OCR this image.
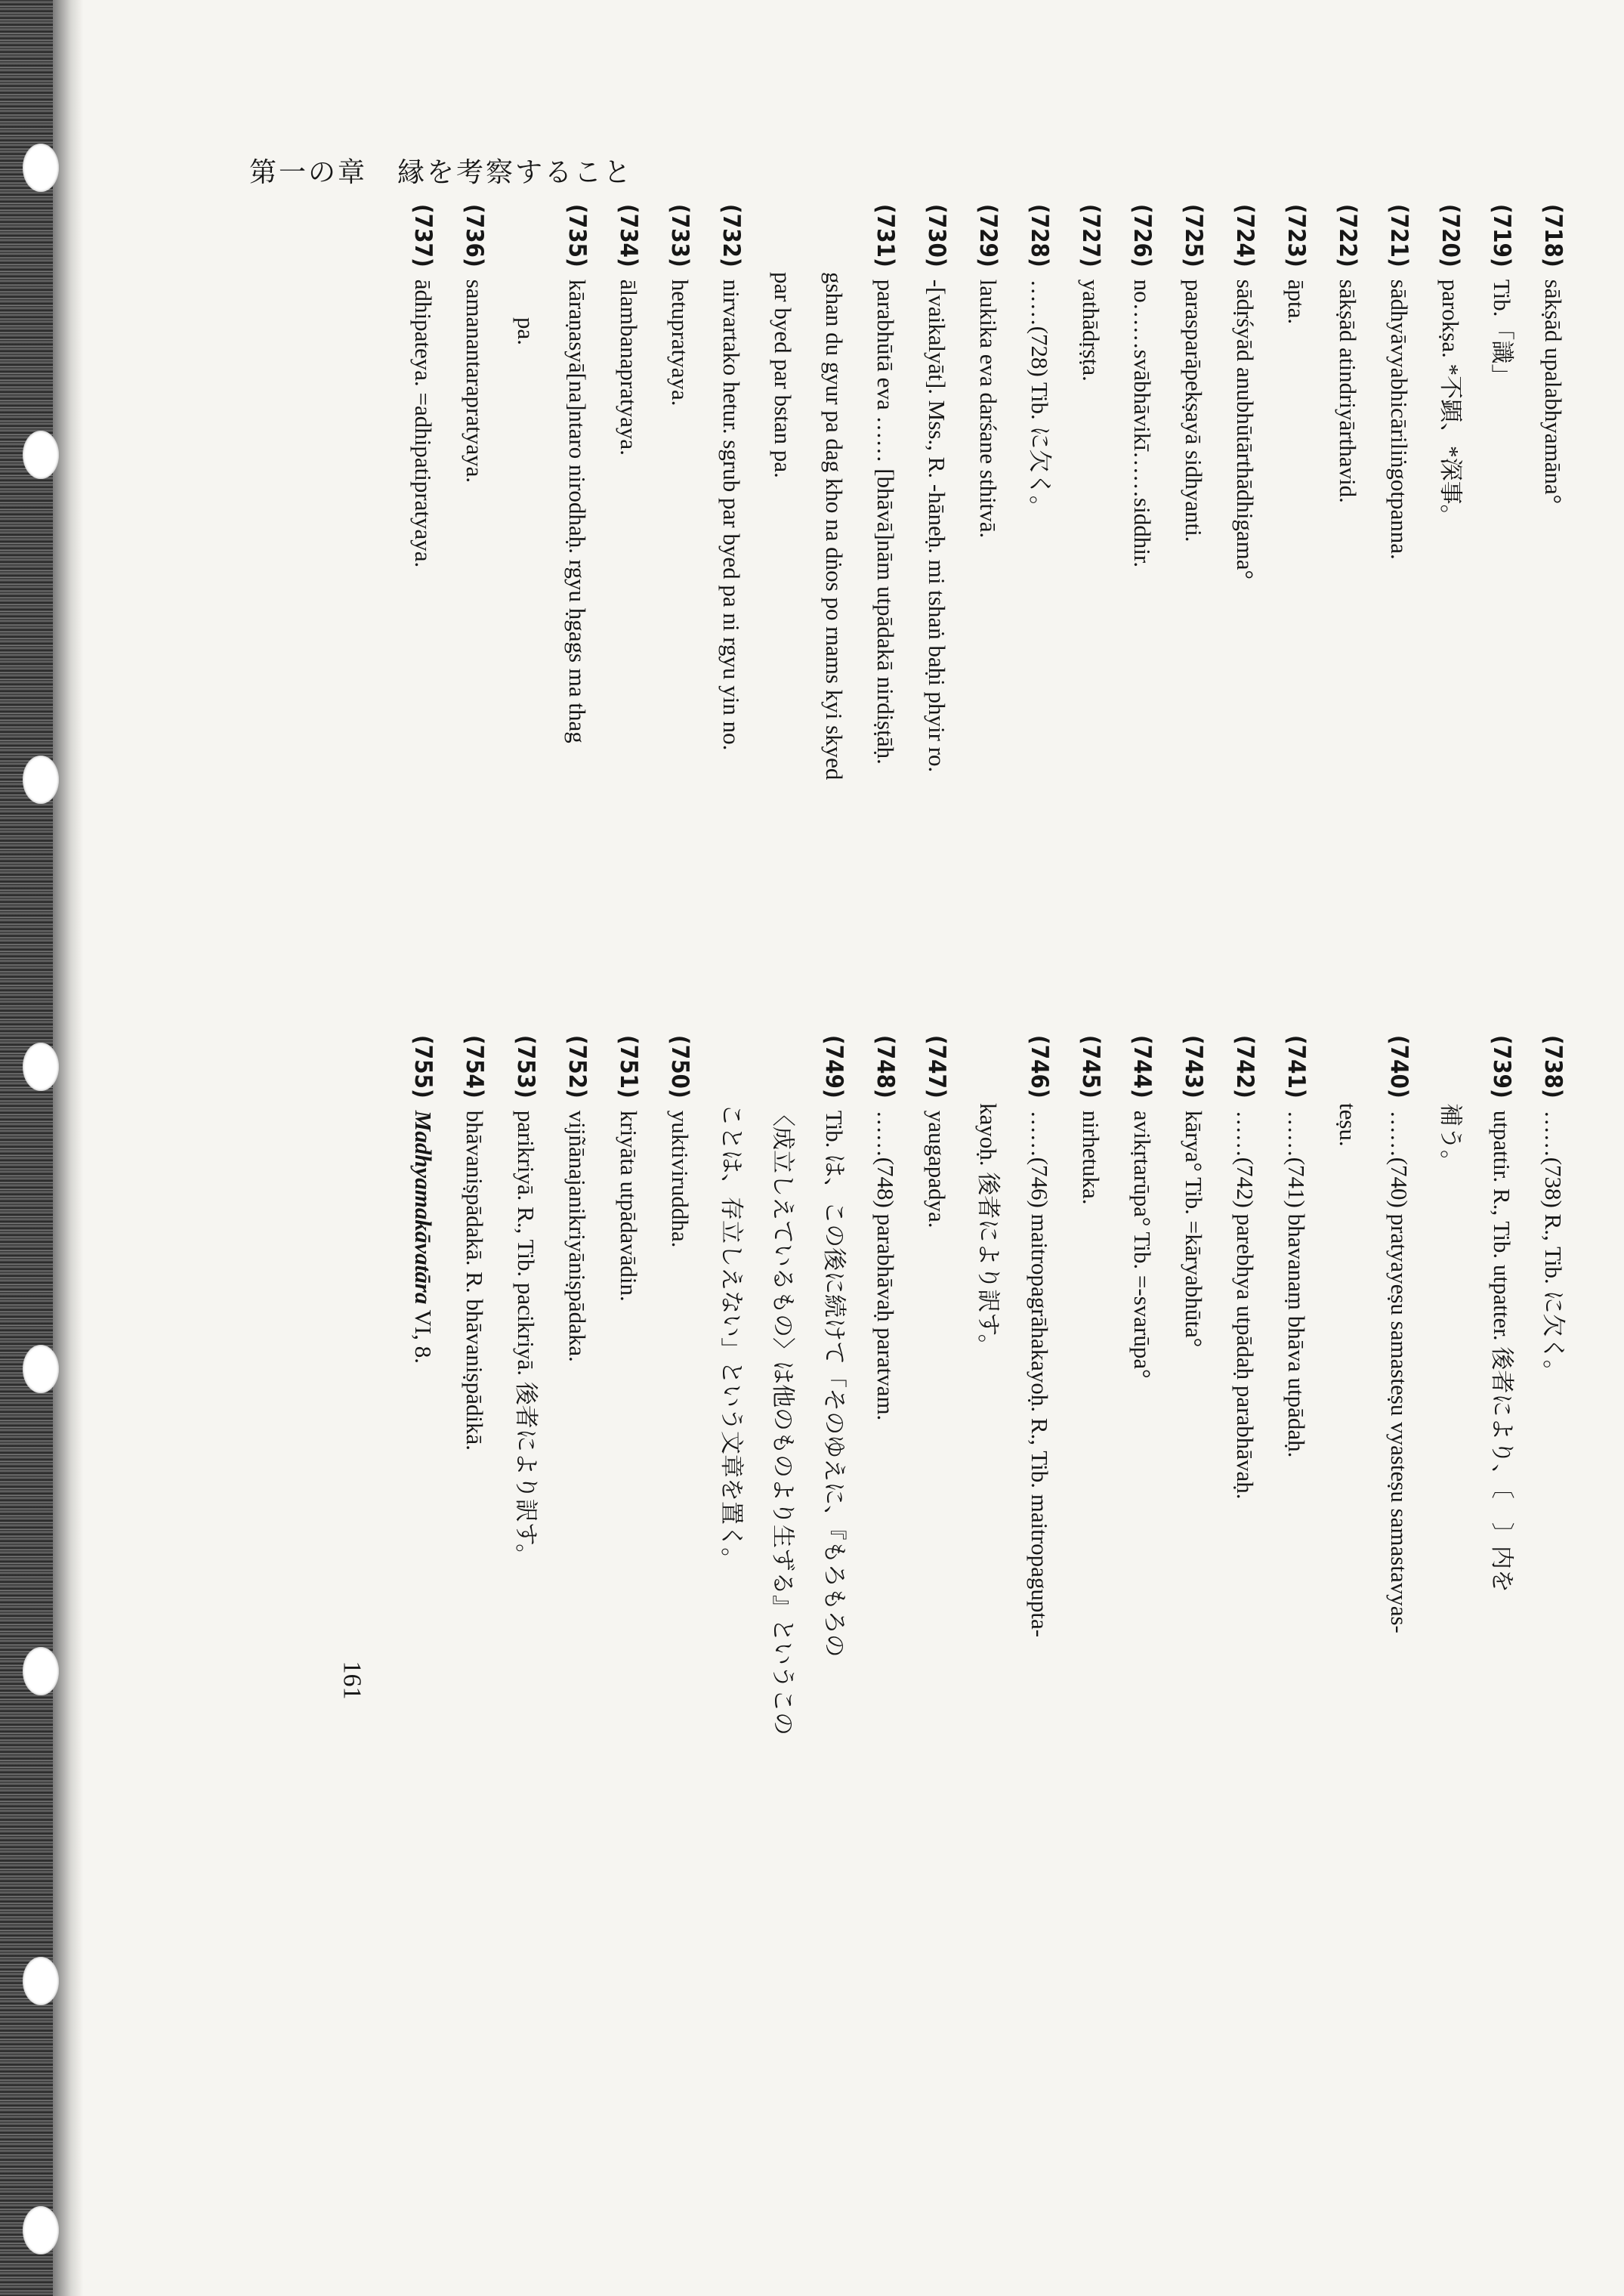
第一の章 縁を考察すること
(718)sākṣād upalabhyamāna°
(719)Tib.「識」
(720)parokṣa. *不顕、*深事。
(721)sādhyāvyabhicāriliṅgotpanna.
(722)sākṣād atindriyārthavid.
(723)āpta.
(724)sādṛśyād anubhūtārthādhigama°
(725)parasparāpekṣayā sidhyanti.
(726)no……svābhāvikī……siddhir.
(727)yathādṛṣṭa.
(728)……(728) Tib. に欠く。
(729)laukika eva darśane sthitvā.
(730)-[vaikalyāt]. Mss., R. -hāneḥ. mi tshaṅ baḥi phyir ro.
(731)parabhūtā eva …… [bhāvā]nām utpādakā nirdiṣṭāḥ.
gshan du gyur pa dag kho na dṅos po rnams kyi skyed
par byed par bstan pa.
(732)nirvartako hetur. sgrub par byed pa ni rgyu yin no.
(733)hetupratyaya.
(734)ālambanapratyaya.
(735)kāraṇasyā[na]ntaro nirodhaḥ. rgyu ḥgags ma thag
pa.
(736)samanantarapratyaya.
(737)ādhipateya. =adhipatipratyaya.
(738)……(738) R., Tib. に欠く。
(739)utpattir. R., Tib. utpatter. 後者により、〔　〕内を
補う。
(740)……(740) pratyayeṣu samasteṣu vyasteṣu samastavyas-
teṣu.
(741)……(741) bhavanaṃ bhāva utpādaḥ.
(742)……(742) parebhya utpādaḥ parabhāvaḥ.
(743)kārya° Tib. =kāryabhūta°
(744)avikṛtarūpa° Tib. =-svarūpa°
(745)nirhetuka.
(746)……(746) maitropagrāhakayoḥ. R., Tib. maitropagupta-
kayoḥ. 後者により訳す。
(747)yaugapadya.
(748)……(748) parabhāvaḥ paratvam.
(749)Tib. は、この後に続けて「そのゆえに、『もろもろの
〈成立しえているもの〉は他のものより生ずる』というこの
ことは、存立しえない」という文章を置く。
(750)yuktiviruddha.
(751)kriyāta utpādavādin.
(752)vijñānajanikriyāniṣpādaka.
(753)parikriyā. R., Tib. pacikriyā. 後者により訳す。
(754)bhāvaniṣpādakā. R. bhāvaniṣpādikā.
(755)Madhyamakāvatāra VI, 8.
161
